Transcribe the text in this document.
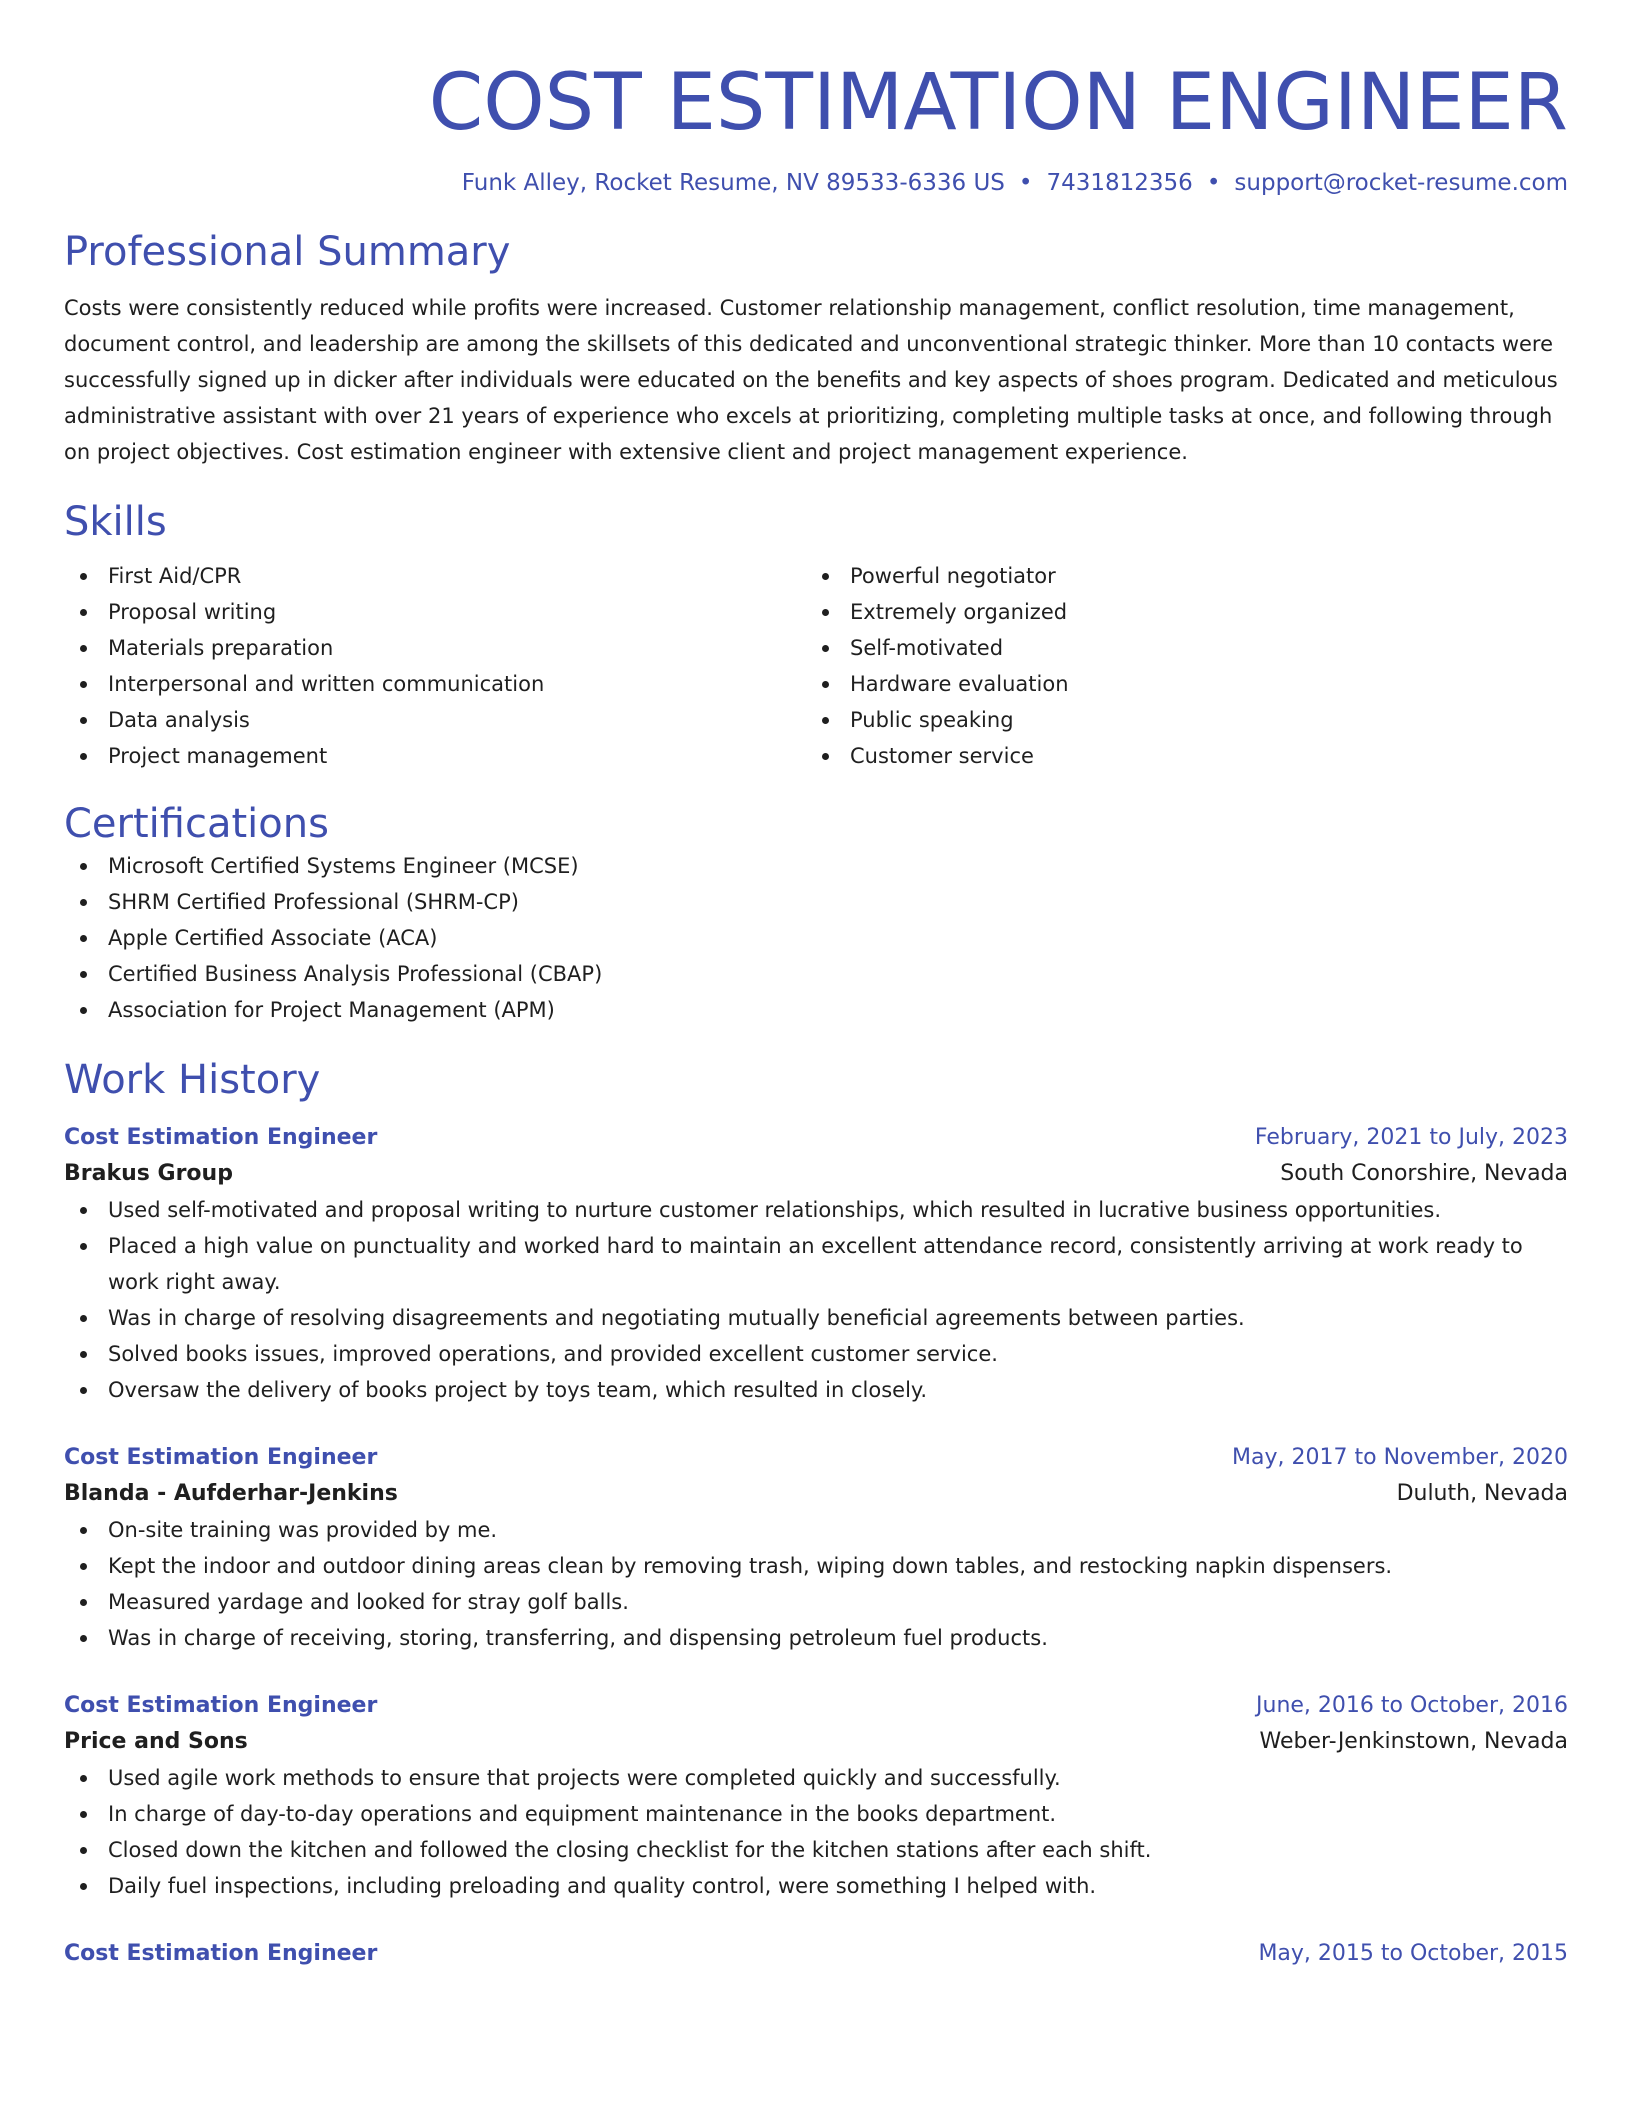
COST ESTIMATION ENGINEER
Funk Alley, Rocket Resume, NV 89533-6336 US • 7431812356 • support@rocket-resume.com
Professional Summary
Costs were consistently reduced while profits were increased. Customer relationship management, conflict resolution, time management, document control, and leadership are among the skillsets of this dedicated and unconventional strategic thinker. More than 10 contacts were successfully signed up in dicker after individuals were educated on the benefits and key aspects of shoes program. Dedicated and meticulous administrative assistant with over 21 years of experience who excels at prioritizing, completing multiple tasks at once, and following through on project objectives. Cost estimation engineer with extensive client and project management experience.
Skills
First Aid/CPR
Proposal writing
Materials preparation
Interpersonal and written communication
Data analysis
Project management
Powerful negotiator
Extremely organized
Self-motivated
Hardware evaluation
Public speaking
Customer service
Certifications
Microsoft Certified Systems Engineer (MCSE)
SHRM Certified Professional (SHRM-CP)
Apple Certified Associate (ACA)
Certified Business Analysis Professional (CBAP)
Association for Project Management (APM)
Work History
Cost Estimation Engineer	February, 2021 to July, 2023
Brakus Group	South Conorshire, Nevada
Used self-motivated and proposal writing to nurture customer relationships, which resulted in lucrative business opportunities.
Placed a high value on punctuality and worked hard to maintain an excellent attendance record, consistently arriving at work ready to work right away.
Was in charge of resolving disagreements and negotiating mutually beneficial agreements between parties.
Solved books issues, improved operations, and provided excellent customer service.
Oversaw the delivery of books project by toys team, which resulted in closely.
Cost Estimation Engineer	May, 2017 to November, 2020
Blanda - Aufderhar-Jenkins	Duluth, Nevada
On-site training was provided by me.
Kept the indoor and outdoor dining areas clean by removing trash, wiping down tables, and restocking napkin dispensers.
Measured yardage and looked for stray golf balls.
Was in charge of receiving, storing, transferring, and dispensing petroleum fuel products.
Cost Estimation Engineer	June, 2016 to October, 2016
Price and Sons	Weber-Jenkinstown, Nevada
Used agile work methods to ensure that projects were completed quickly and successfully.
In charge of day-to-day operations and equipment maintenance in the books department.
Closed down the kitchen and followed the closing checklist for the kitchen stations after each shift.
Daily fuel inspections, including preloading and quality control, were something I helped with.
Cost Estimation Engineer	May, 2015 to October, 2015
